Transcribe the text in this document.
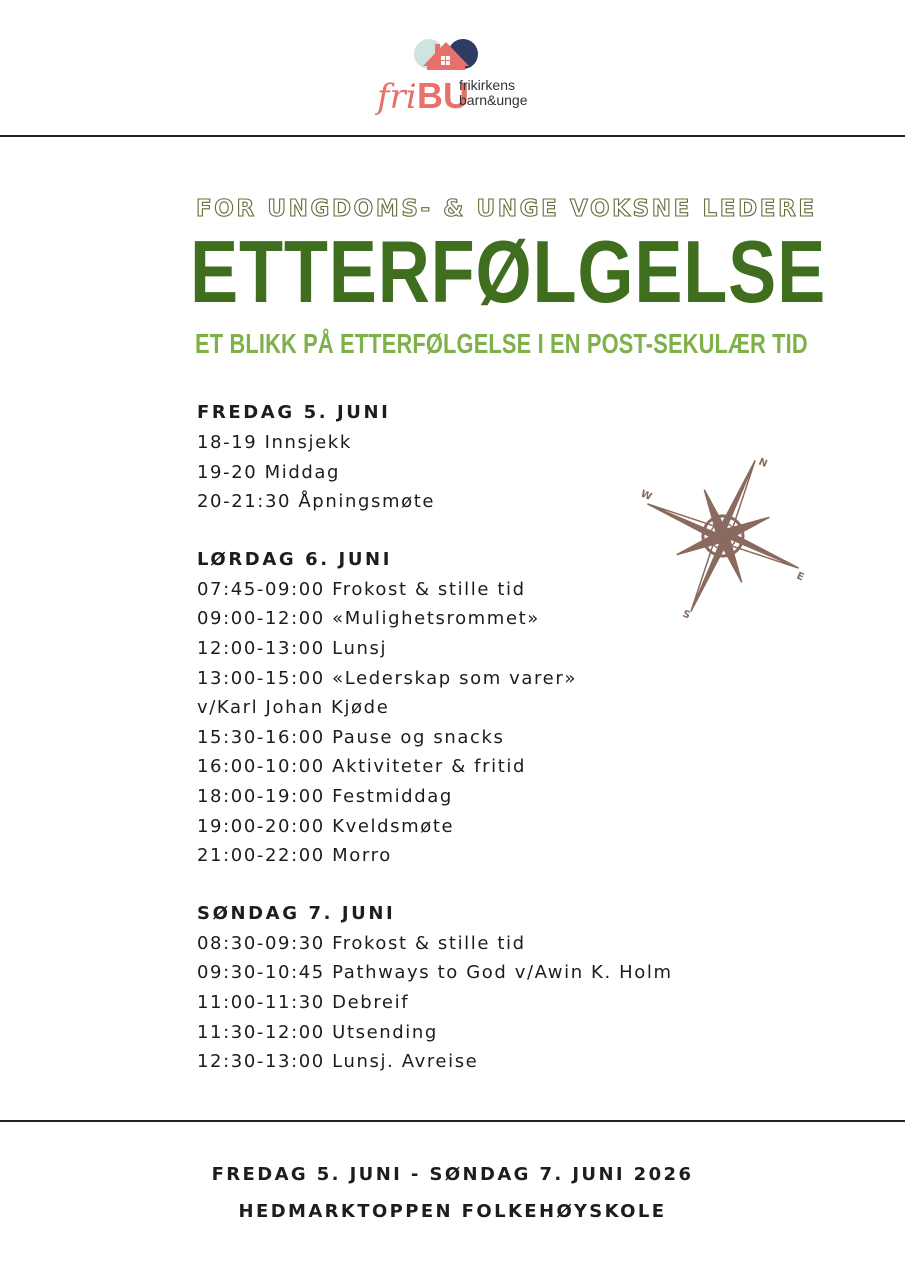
fri BU
frikirkens
barn&unge
FOR UNGDOMS- & UNGE VOKSNE LEDERE
ETTERFØLGELSE
ET BLIKK PÅ ETTERFØLGELSE I EN POST-SEKULÆR TID
FREDAG 5. JUNI
18-19 Innsjekk
19-20 Middag
20-21:30 Åpningsmøte
LØRDAG 6. JUNI
07:45-09:00 Frokost & stille tid
09:00-12:00 «Mulighetsrommet»
12:00-13:00 Lunsj
13:00-15:00 «Lederskap som varer»
v/Karl Johan Kjøde
15:30-16:00 Pause og snacks
16:00-10:00 Aktiviteter & fritid
18:00-19:00 Festmiddag
19:00-20:00 Kveldsmøte
21:00-22:00 Morro
SØNDAG 7. JUNI
08:30-09:30 Frokost & stille tid
09:30-10:45 Pathways to God v/Awin K. Holm
11:00-11:30 Debreif
11:30-12:00 Utsending
12:30-13:00 Lunsj. Avreise
N
E
S
W
FREDAG 5. JUNI - SØNDAG 7. JUNI 2026
HEDMARKTOPPEN FOLKEHØYSKOLE
